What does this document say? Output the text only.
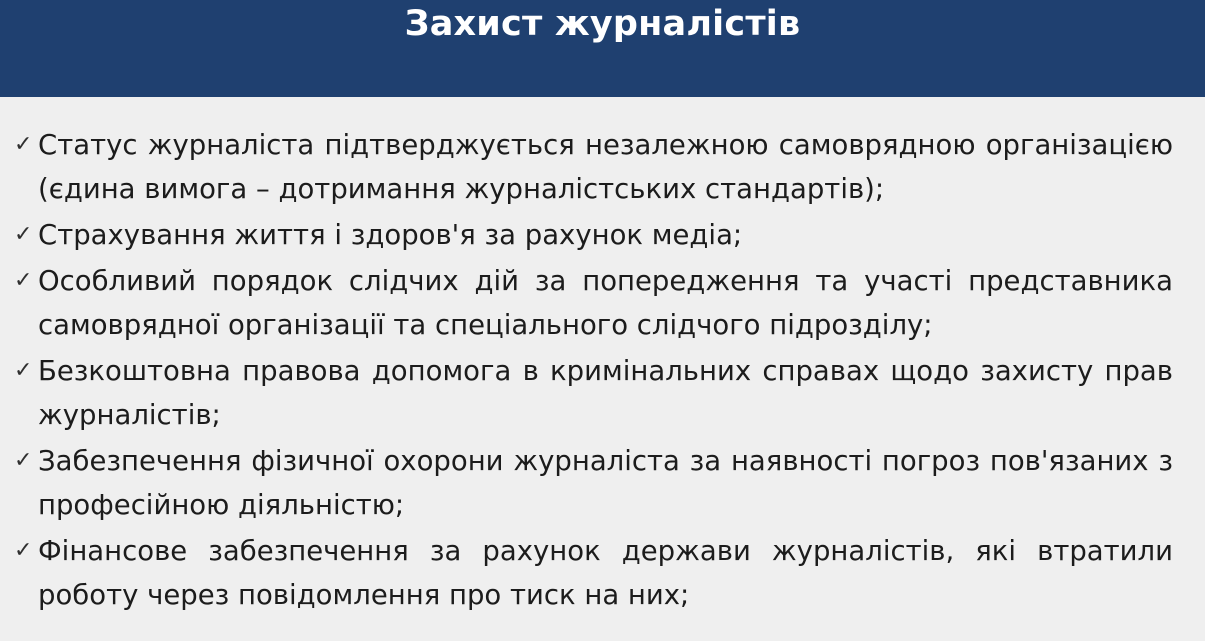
Захист журналістів
✓ Статус журналіста підтверджується незалежною самоврядною організацією (єдина вимога – дотримання журналістських стандартів);
✓ Страхування життя і здоров'я за рахунок медіа;
✓ Особливий порядок слідчих дій за попередження та участі представника самоврядної організації та спеціального слідчого підрозділу;
✓ Безкоштовна правова допомога в кримінальних справах щодо захисту прав журналістів;
✓ Забезпечення фізичної охорони журналіста за наявності погроз пов'язаних з професійною діяльністю;
✓ Фінансове забезпечення за рахунок держави журналістів, які втратили роботу через повідомлення про тиск на них;
